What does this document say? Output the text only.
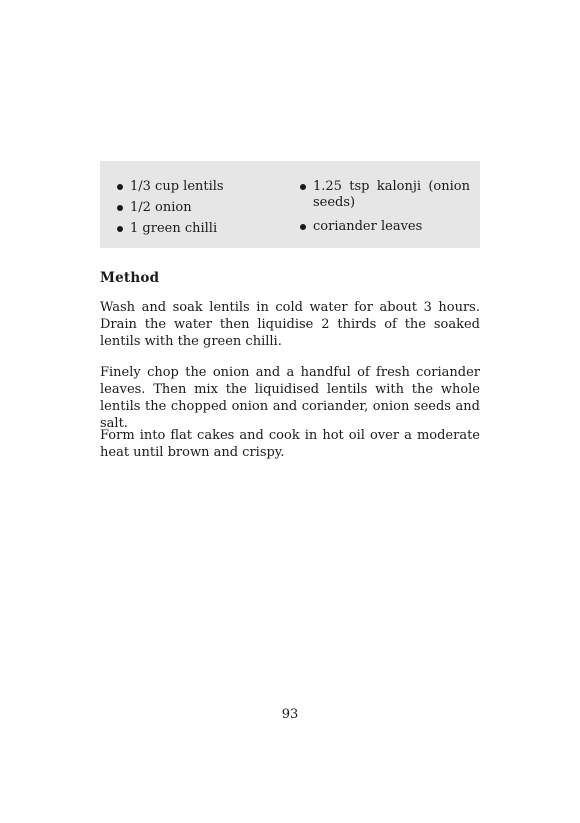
1/3 cup lentils
1/2 onion
1 green chilli
1.25 tsp kalonji (onion seeds)
coriander leaves
Method

Wash and soak lentils in cold water for about 3 hours. Drain the water then liquidise 2 thirds of the soaked lentils with the green chilli.

Finely chop the onion and a handful of fresh coriander leaves. Then mix the liquidised lentils with the whole lentils the chopped onion and coriander, onion seeds and salt.

Form into flat cakes and cook in hot oil over a moderate heat until brown and crispy.

93
